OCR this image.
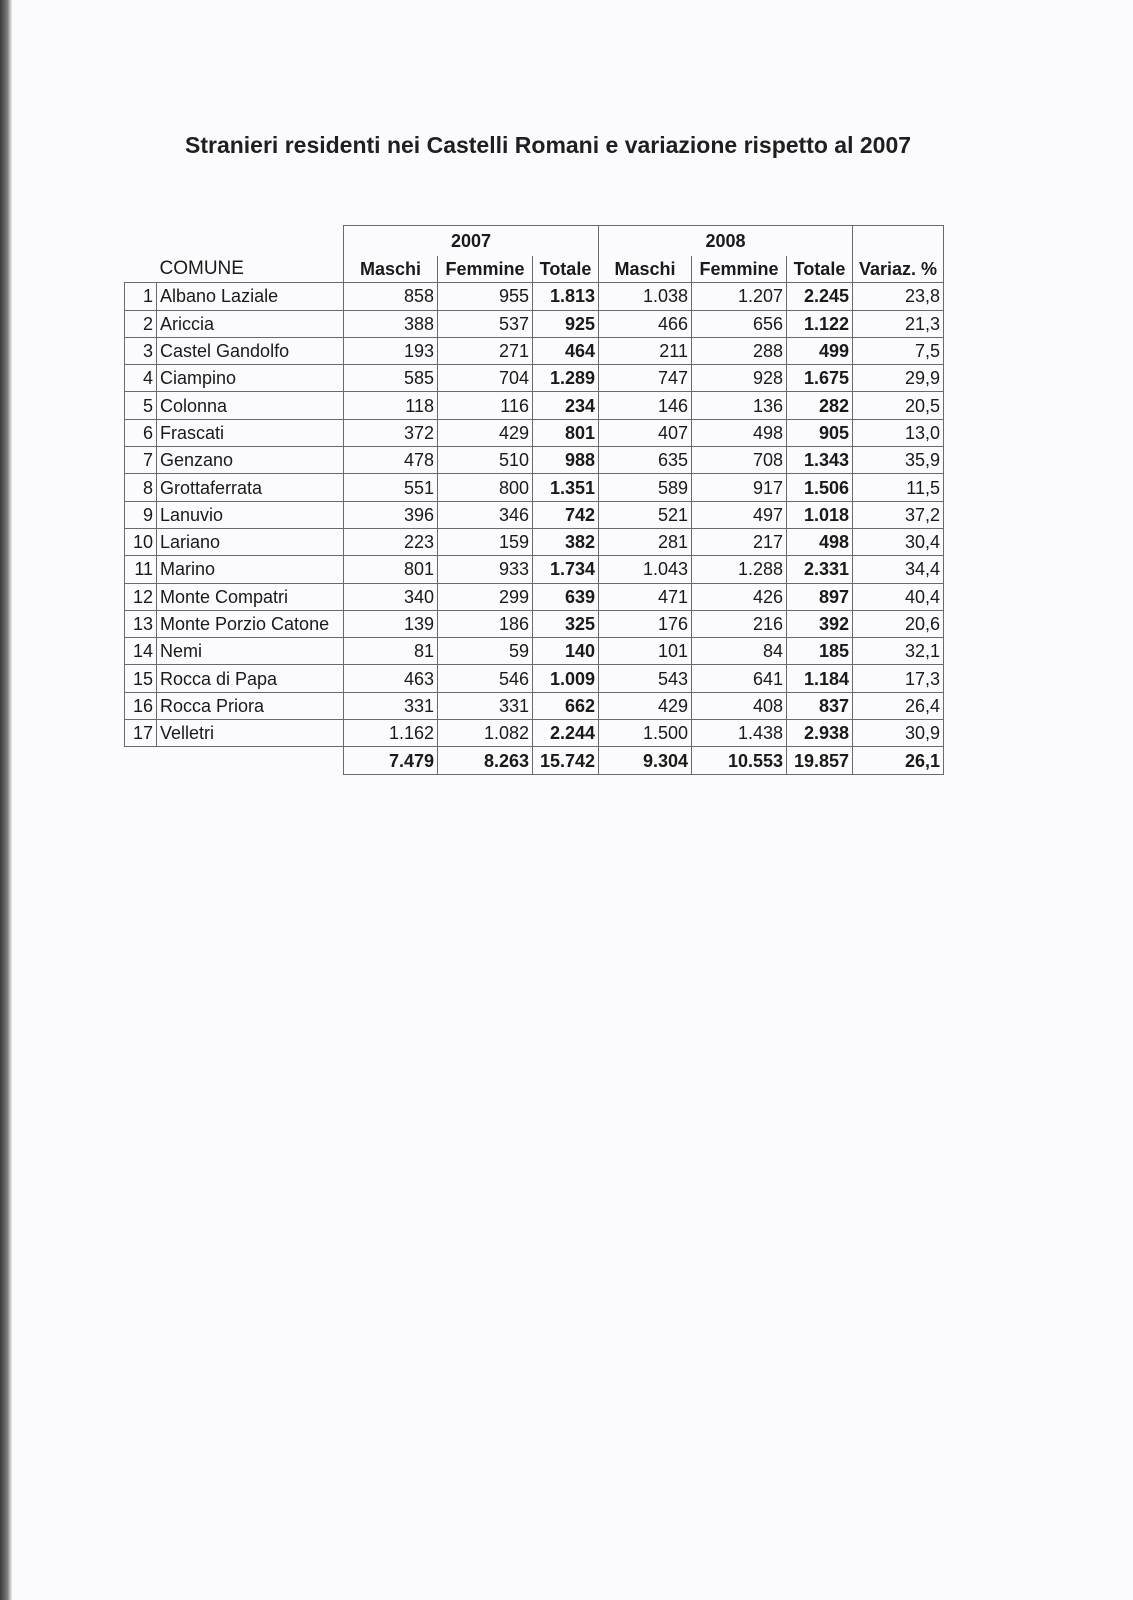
Stranieri residenti nei Castelli Romani e variazione rispetto al 2007
		2007			2008			
	COMUNE	Maschi	Femmine	Totale	Maschi	Femmine	Totale	Variaz. %
1	Albano Laziale	858	955	1.813	1.038	1.207	2.245	23,8
2	Ariccia	388	537	925	466	656	1.122	21,3
3	Castel Gandolfo	193	271	464	211	288	499	7,5
4	Ciampino	585	704	1.289	747	928	1.675	29,9
5	Colonna	118	116	234	146	136	282	20,5
6	Frascati	372	429	801	407	498	905	13,0
7	Genzano	478	510	988	635	708	1.343	35,9
8	Grottaferrata	551	800	1.351	589	917	1.506	11,5
9	Lanuvio	396	346	742	521	497	1.018	37,2
10	Lariano	223	159	382	281	217	498	30,4
11	Marino	801	933	1.734	1.043	1.288	2.331	34,4
12	Monte Compatri	340	299	639	471	426	897	40,4
13	Monte Porzio Catone	139	186	325	176	216	392	20,6
14	Nemi	81	59	140	101	84	185	32,1
15	Rocca di Papa	463	546	1.009	543	641	1.184	17,3
16	Rocca Priora	331	331	662	429	408	837	26,4
17	Velletri	1.162	1.082	2.244	1.500	1.438	2.938	30,9
		7.479	8.263	15.742	9.304	10.553	19.857	26,1
